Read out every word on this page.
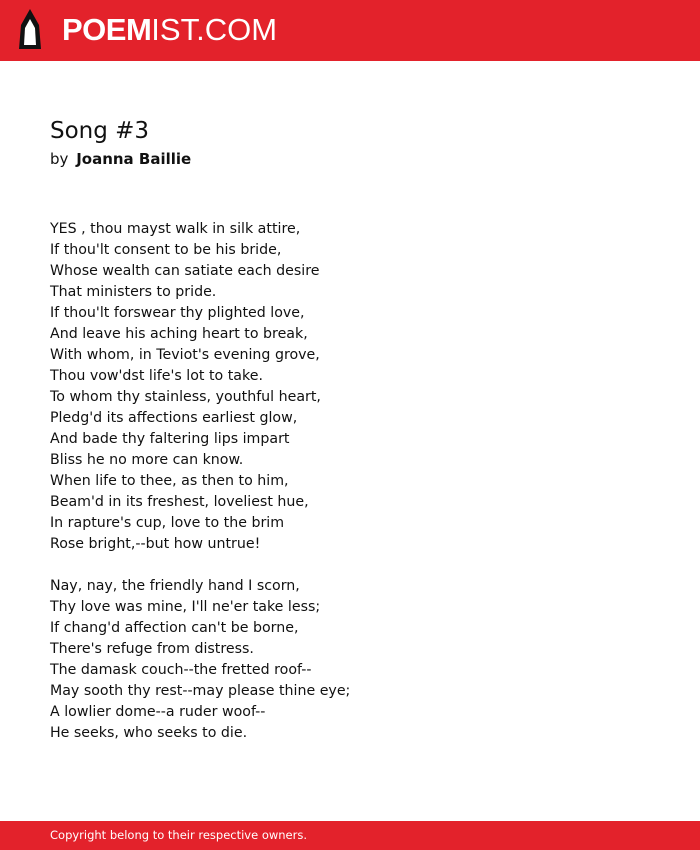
POEMIST.COM
Song #3
by Joanna Baillie
YES , thou mayst walk in silk attire,
If thou'lt consent to be his bride,
Whose wealth can satiate each desire
That ministers to pride.
If thou'lt forswear thy plighted love,
And leave his aching heart to break,
With whom, in Teviot's evening grove,
Thou vow'dst life's lot to take.
To whom thy stainless, youthful heart,
Pledg'd its affections earliest glow,
And bade thy faltering lips impart
Bliss he no more can know.
When life to thee, as then to him,
Beam'd in its freshest, loveliest hue,
In rapture's cup, love to the brim
Rose bright,--but how untrue!
Nay, nay, the friendly hand I scorn,
Thy love was mine, I'll ne'er take less;
If chang'd affection can't be borne,
There's refuge from distress.
The damask couch--the fretted roof--
May sooth thy rest--may please thine eye;
A lowlier dome--a ruder woof--
He seeks, who seeks to die.
Copyright belong to their respective owners.
